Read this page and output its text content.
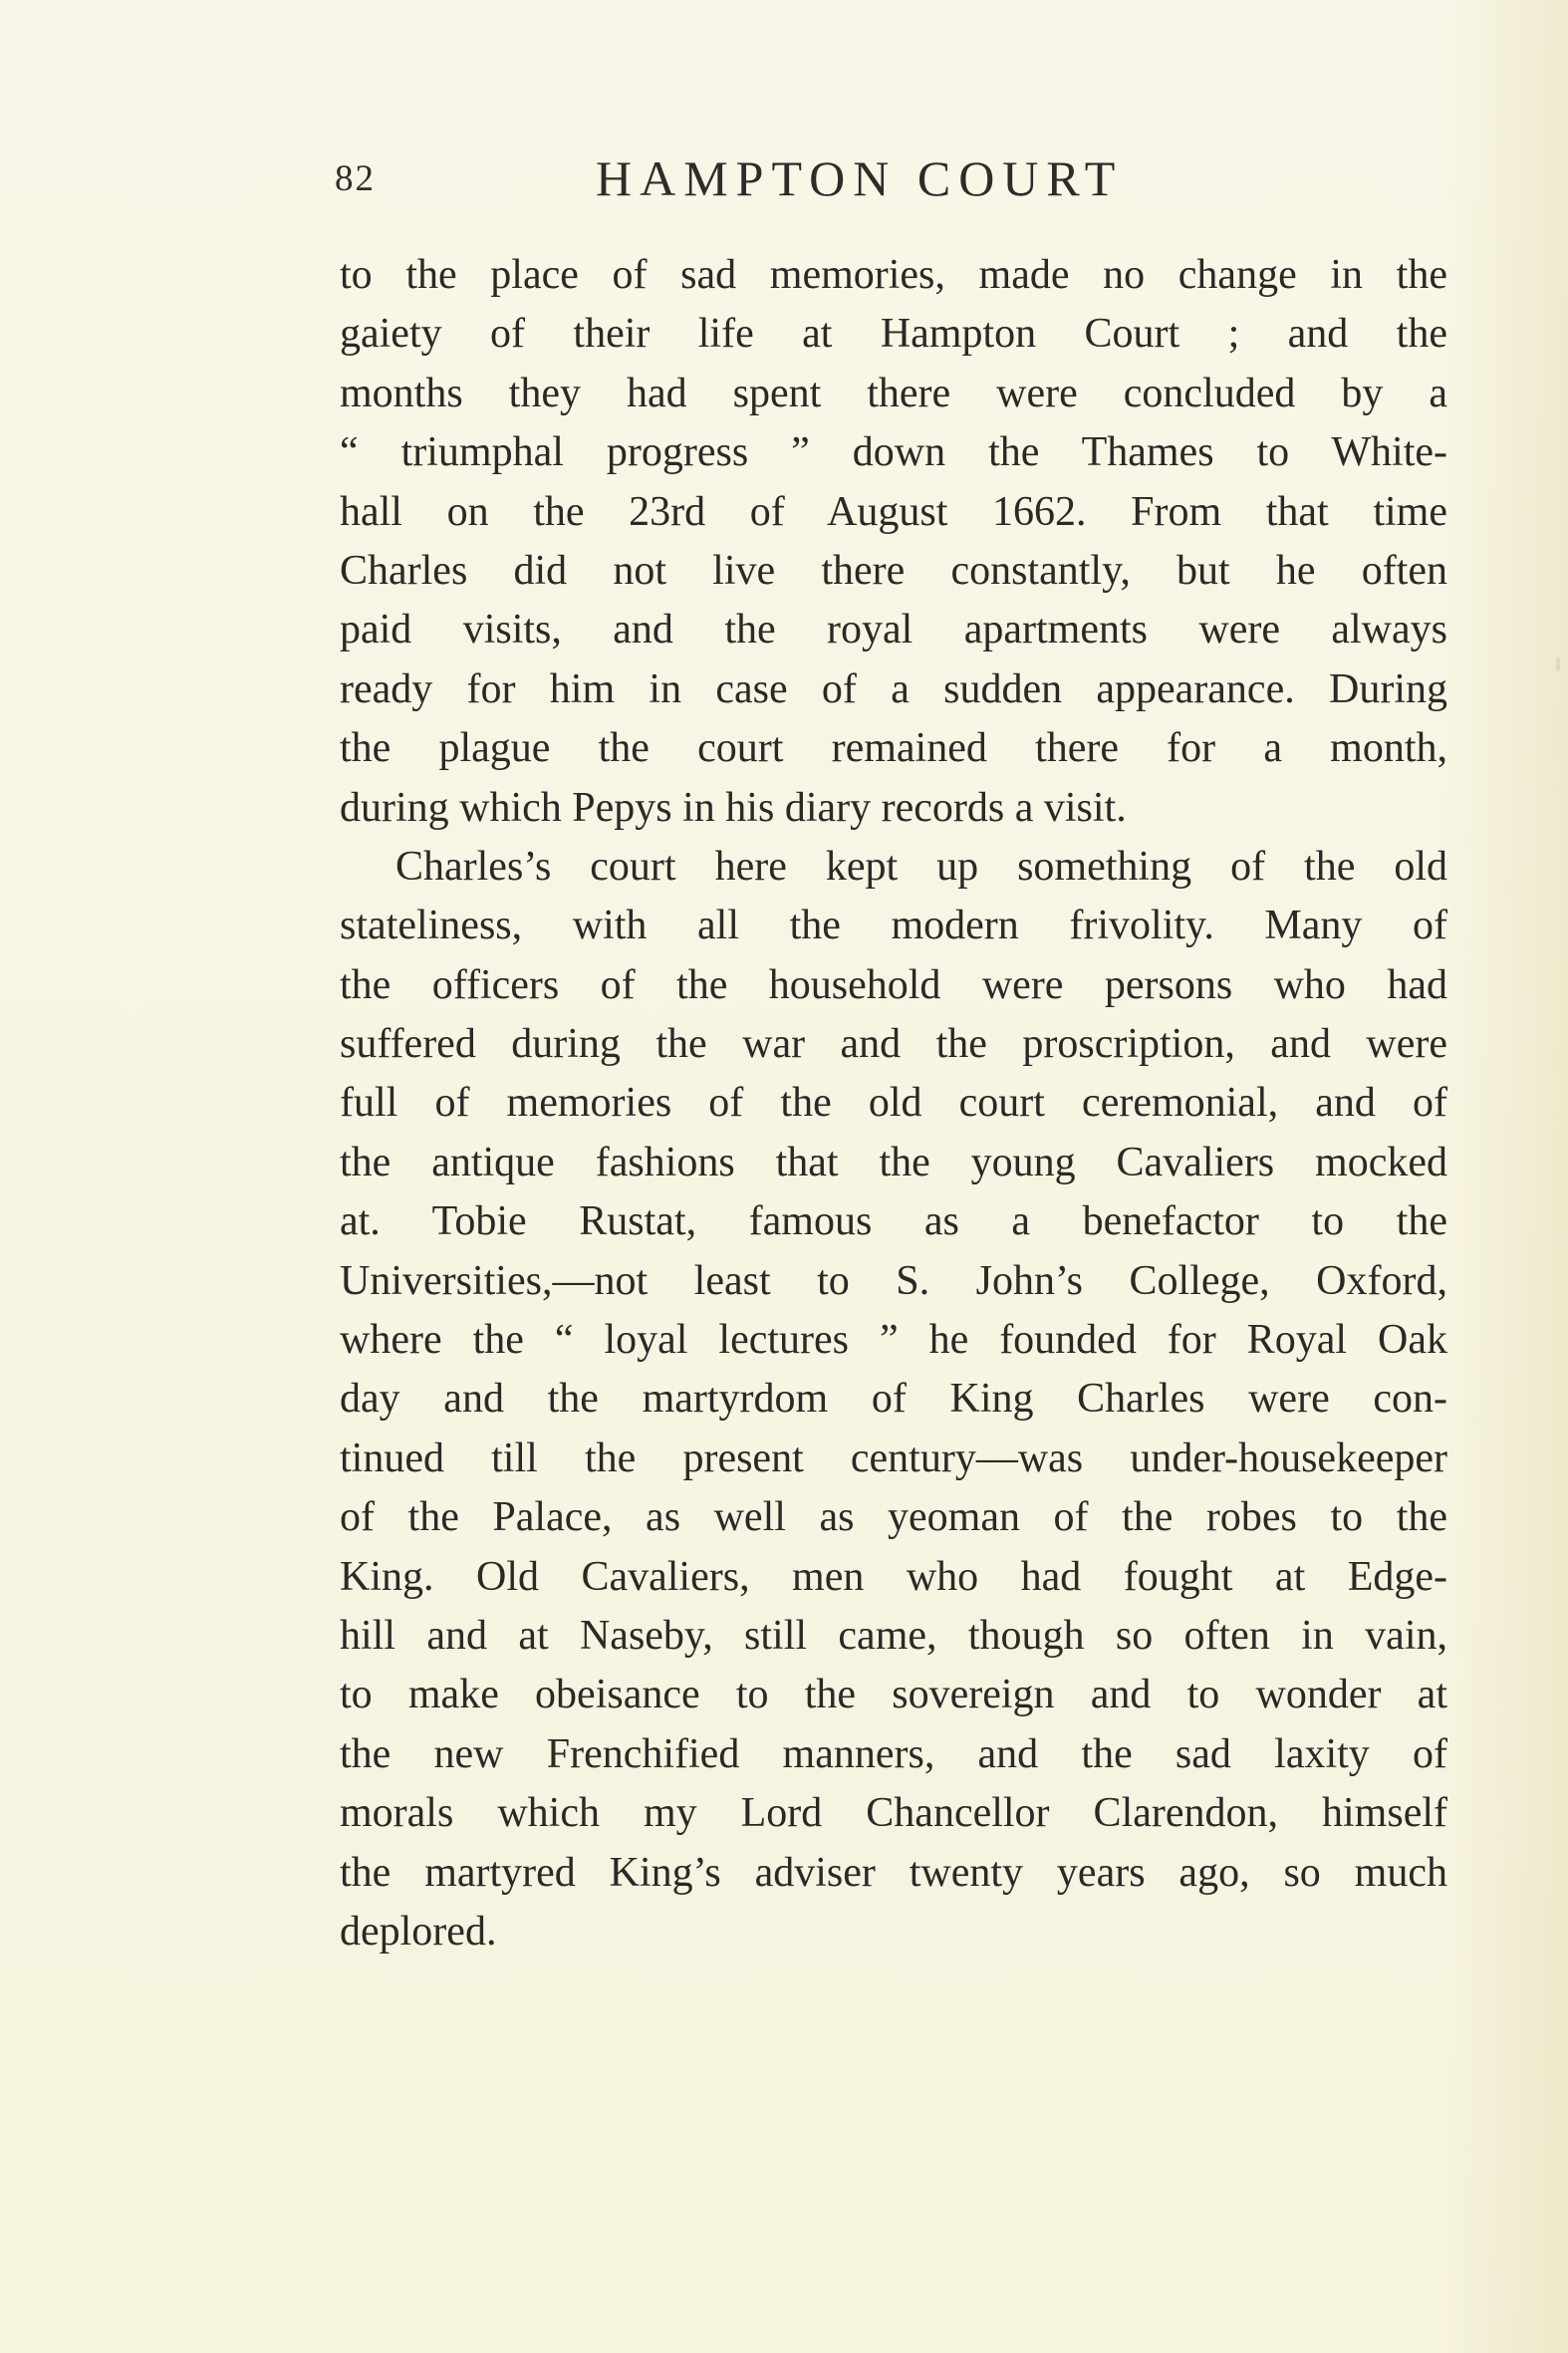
82	HAMPTON COURT
to the place of sad memories, made no change in the
gaiety of their life at Hampton Court ; and the
months they had spent there were concluded by a
“ triumphal progress ” down the Thames to White-
hall on the 23rd of August 1662. From that time
Charles did not live there constantly, but he often
paid visits, and the royal apartments were always
ready for him in case of a sudden appearance. During
the plague the court remained there for a month,
during which Pepys in his diary records a visit.
Charles’s court here kept up something of the old
stateliness, with all the modern frivolity. Many of
the officers of the household were persons who had
suffered during the war and the proscription, and were
full of memories of the old court ceremonial, and of
the antique fashions that the young Cavaliers mocked
at. Tobie Rustat, famous as a benefactor to the
Universities,—not least to S. John’s College, Oxford,
where the “ loyal lectures ” he founded for Royal Oak
day and the martyrdom of King Charles were con-
tinued till the present century—was under-housekeeper
of the Palace, as well as yeoman of the robes to the
King. Old Cavaliers, men who had fought at Edge-
hill and at Naseby, still came, though so often in vain,
to make obeisance to the sovereign and to wonder at
the new Frenchified manners, and the sad laxity of
morals which my Lord Chancellor Clarendon, himself
the martyred King’s adviser twenty years ago, so much
deplored.
